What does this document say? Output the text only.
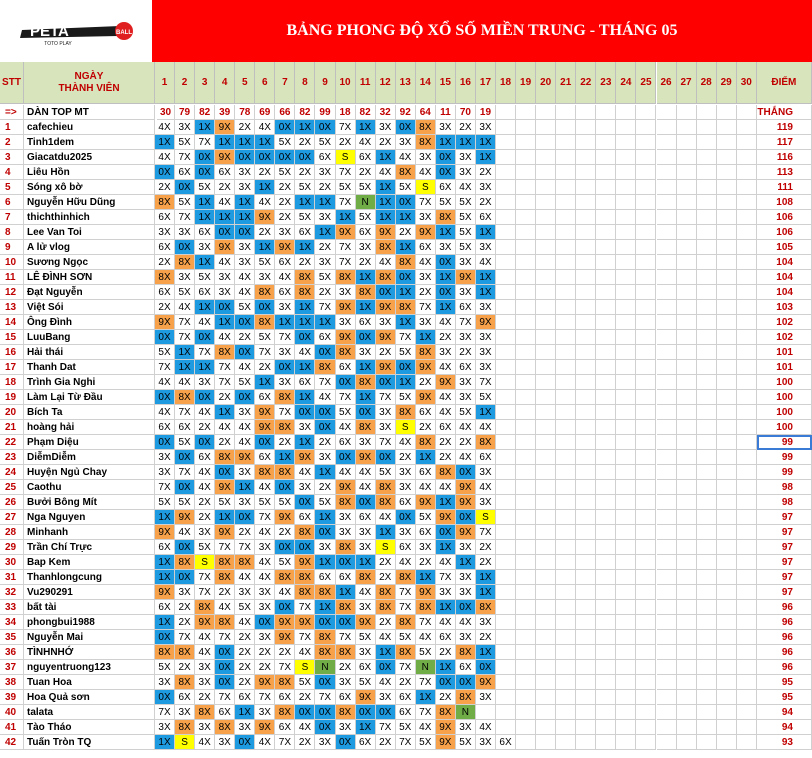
PETA	BALL
TOTO PLAY
BẢNG PHONG ĐỘ XỔ SỐ MIỀN TRUNG - THÁNG 05
STT
NGÀY
THÀNH VIÊN
1	2	3	4	5	6	7	8	9	10 11 12 13 14 15 16 17 18 19 20 21 22 23 24 25 26 27 28 29 30	ĐIỂM
=>	DÀN TOP MT	30 79 82 39 78 69 66 82 99 18 82 32 92 64 11 70 19	THẮNG
1	cafechieu	4X 3X 1X 9X 2X 4X 0X 1X 0X 7X 1X 3X 0X 8X 3X 2X 3X	119
2	Tinh1dem	1X 5X 7X 1X 1X 1X 5X 2X 5X 2X 4X 2X 3X 8X 1X 1X 1X	117
3	Giacatdu2025	4X 7X 0X 9X 0X 0X 0X 0X 6X	S	6X 1X 4X 3X 0X 3X 1X	116
4	Liêu Hồn	0X 6X 0X 6X 3X 2X 5X 2X 3X 7X 2X 4X 8X 4X 0X 3X 2X	113
5	Sóng xô bờ	2X 0X 5X 2X 3X 1X 2X 5X 2X 5X 5X 1X 5X	S	6X 4X 3X	111
6	Nguyễn Hữu Dũng	8X 5X 1X 4X 1X 4X 2X 1X 1X 7X	N	1X 0X 7X 5X 5X 2X	108
7	thichthinhich	6X 7X 1X 1X 1X 9X 2X 5X 3X 1X 5X 1X 1X 3X 8X 5X 6X	106
8	Lee Van Toi	3X 3X 6X 0X 0X 2X 3X 6X 1X 9X 6X 9X 2X 9X 1X 5X 1X	106
9	A lử vlog	6X 0X 3X 9X 3X 1X 9X 1X 2X 7X 3X 8X 1X 6X 3X 5X 3X	105
10	Sương Ngọc	2X 8X 1X 4X 3X 5X 6X 2X 3X 7X 2X 4X 8X 4X 0X 3X 4X	104
11	LÊ ĐÌNH SƠN	8X 3X 5X 3X 4X 3X 4X 8X 5X 8X 1X 8X 0X 3X 1X 9X 1X	104
12	Đạt Nguyễn	6X 5X 6X 3X 4X 8X 6X 8X 2X 3X 8X 0X 1X 2X 0X 3X 1X	104
13	Việt Sói	2X 4X 1X 0X 5X 0X 3X 1X 7X 9X 1X 9X 8X 7X 1X 6X 3X	103
14	Ông Đình	9X 7X 4X 1X 0X 8X 1X 1X 1X 3X 6X 3X 1X 3X 4X 7X 9X	102
15	LuuBang	0X 7X 0X 4X 2X 5X 7X 0X 6X 9X 0X 9X 7X 1X 2X 3X 3X	102
16	Hải thái	5X 1X 7X 8X 0X 7X 3X 4X 0X 8X 3X 2X 5X 8X 3X 2X 3X	101
17	Thanh Dat	7X 1X 1X 7X 4X 2X 0X 1X 8X 6X 1X 9X 0X 9X 4X 6X 3X	101
18	Trình Gia Nghi	4X 4X 3X 7X 5X 1X 3X 6X 7X 0X 8X 0X 1X 2X 9X 3X 7X	100
19	Làm Lại Từ Đầu	0X 8X 0X 2X 0X 6X 8X 1X 4X 7X 1X 7X 5X 9X 4X 3X 5X	100
20	Bích Ta	4X 7X 4X 1X 3X 9X 7X 0X 0X 5X 0X 3X 8X 6X 4X 5X 1X	100
21	hoàng hải	6X 6X 2X 4X 4X 9X 8X 3X 0X 4X 8X 3X	S	2X 6X 4X 4X	100
22	Phạm Diệu	0X 5X 0X 2X 4X 0X 2X 1X 2X 6X 3X 7X 4X 8X 2X 2X 8X	99
23	DiễmDiễm	3X 0X 6X 8X 9X 6X 1X 9X 3X 0X 9X 0X 2X 1X 2X 4X 6X	99
24	Huyện Ngủ Chay	3X 7X 4X 0X 3X 8X 8X 4X 1X 4X 4X 5X 3X 6X 8X 0X 3X	99
25	Caothu	7X 0X 4X 9X 1X 4X 0X 3X 2X 9X 4X 8X 3X 4X 4X 9X 4X	98
26	Bưởi Bông Mít	5X 5X 2X 5X 3X 5X 5X 0X 5X 8X 0X 8X 6X 9X 1X 9X 3X	98
27	Nga Nguyen	1X 9X 2X 1X 0X 7X 9X 6X 1X 3X 6X 4X 0X 5X 9X 0X	S	97
28	Minhanh	9X 4X 3X 9X 2X 4X 2X 8X 0X 3X 3X 1X 3X 6X 0X 9X 7X	97
29	Trần Chí Trực	6X 0X 5X 7X 7X 3X 0X 0X 3X 8X 3X	S	6X 3X 1X 3X 2X	97
30	Bap Kem	1X 8X	S	8X 8X 4X 5X 9X 1X 0X 1X 2X 4X 2X 4X 1X 2X	97
31	Thanhlongcung	1X 0X 7X 8X 4X 4X 8X 8X 6X 6X 8X 2X 8X 1X 7X 3X 1X	97
32	Vu290291	9X 3X 7X 2X 3X 3X 4X 8X 8X 1X 4X 8X 7X 9X 3X 3X 1X	97
33	bất tài	6X 2X 8X 4X 5X 3X 0X 7X 1X 8X 3X 8X 7X 8X 1X 0X 8X	96
34	phongbui1988	1X 2X 9X 8X 4X 0X 9X 9X 0X 0X 9X 2X 8X 7X 4X 4X 3X	96
35	Nguyễn Mai	0X 7X 4X 7X 2X 3X 9X 7X 8X 7X 5X 4X 5X 4X 6X 3X 2X	96
36	TÌNHNHỚ	8X 8X 4X 0X 2X 2X 2X 4X 8X 8X 3X 1X 8X 5X 2X 8X 1X	96
37	nguyentruong123	5X 2X 3X 0X 2X 2X 7X	S	N	2X 6X 0X 7X	N	1X 6X 0X	96
38	Tuan Hoa	3X 8X 3X 0X 2X 9X 8X 5X 0X 3X 5X 4X 2X 7X 0X 0X 9X	95
39	Hoa Quả sơn	0X 6X 2X 7X 6X 7X 6X 2X 7X 6X 9X 3X 6X 1X 2X 8X 3X	95
40	talata	7X 3X 8X 6X 1X 3X 8X 0X 0X 8X 0X 0X 6X 7X 8X	N	94
41	Tào Tháo	3X 8X 3X 8X 3X 9X 6X 4X 0X 3X 1X 7X 5X 4X 9X 3X 4X	94
42	Tuấn Tròn TQ	1X	S	4X 3X 0X 4X 7X 2X 3X 0X 6X 2X 7X 5X 9X 5X 3X 6X	93
